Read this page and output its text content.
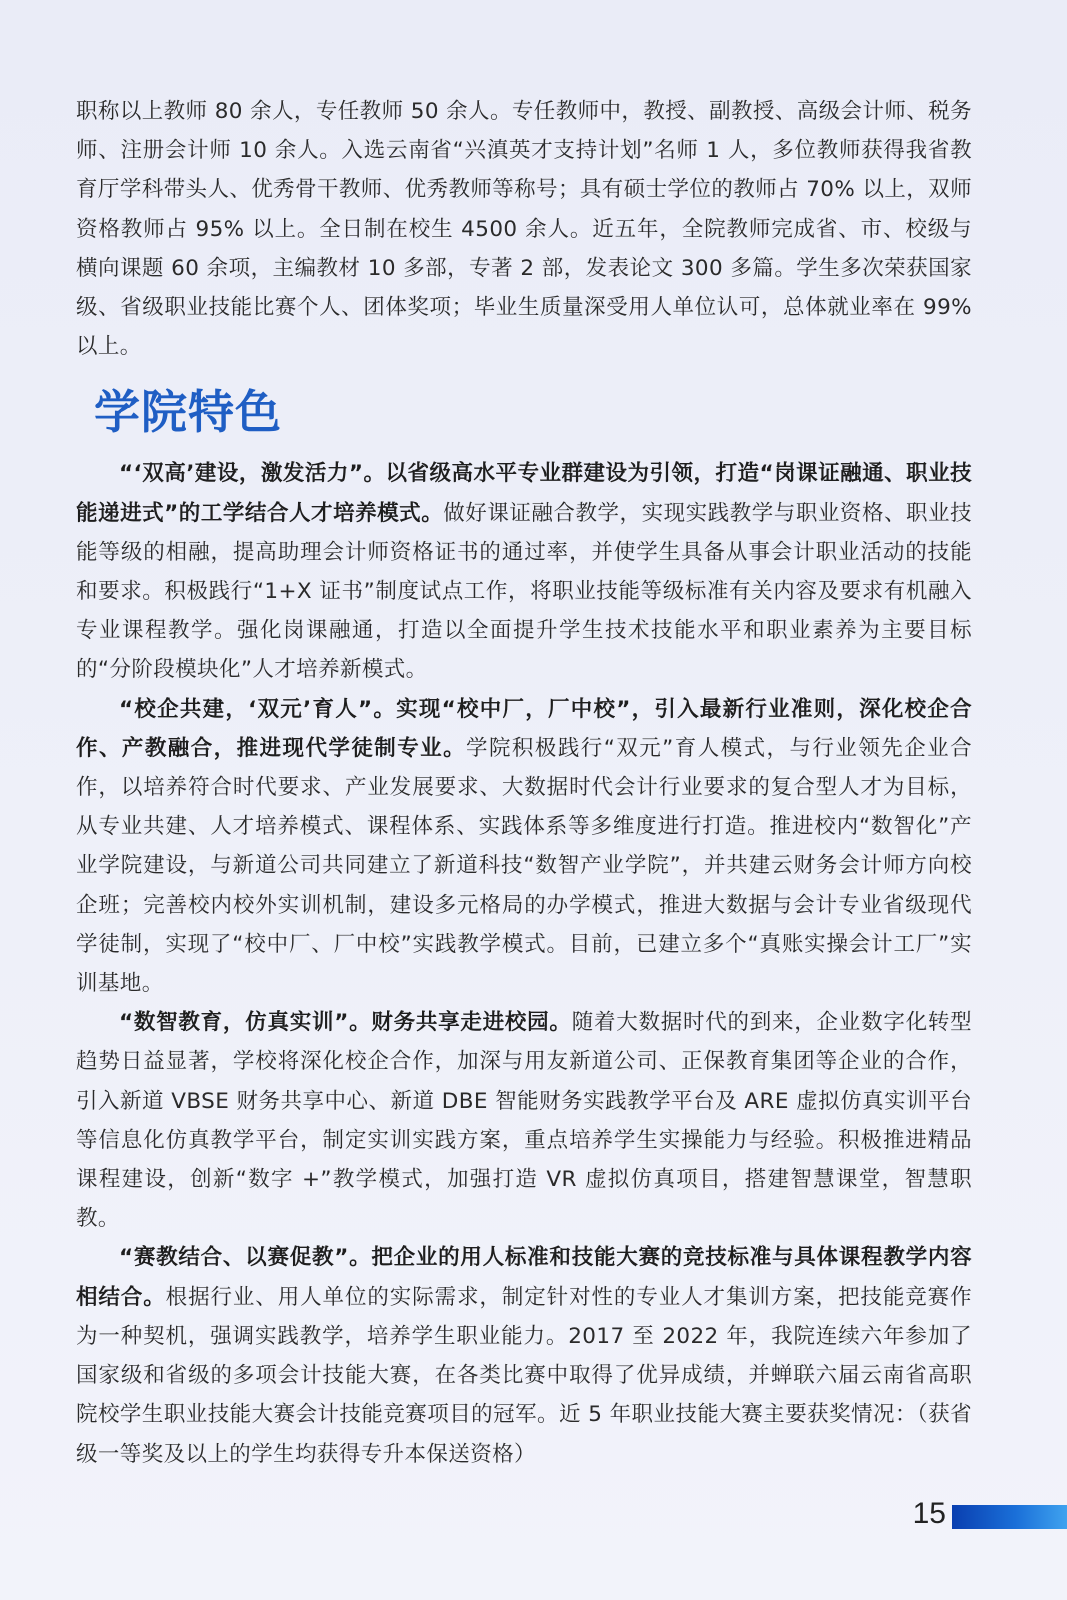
职称以上教师 80 余人，专任教师 50 余人。专任教师中，教授、副教授、高级会计师、税务师、注册会计师 10 余人。入选云南省“兴滇英才支持计划”名师 1 人，多位教师获得我省教育厅学科带头人、优秀骨干教师、优秀教师等称号；具有硕士学位的教师占 70% 以上，双师资格教师占 95% 以上。全日制在校生 4500 余人。近五年，全院教师完成省、市、校级与横向课题 60 余项，主编教材 10 多部，专著 2 部，发表论文 300 多篇。学生多次荣获国家级、省级职业技能比赛个人、团体奖项；毕业生质量深受用人单位认可，总体就业率在 99% 以上。

学院特色

“‘双高’建设，激发活力”。以省级高水平专业群建设为引领，打造“岗课证融通、职业技能递进式”的工学结合人才培养模式。做好课证融合教学，实现实践教学与职业资格、职业技能等级的相融，提高助理会计师资格证书的通过率，并使学生具备从事会计职业活动的技能和要求。积极践行“1+X 证书”制度试点工作，将职业技能等级标准有关内容及要求有机融入专业课程教学。强化岗课融通，打造以全面提升学生技术技能水平和职业素养为主要目标的“分阶段模块化”人才培养新模式。

“校企共建，‘双元’育人”。实现“校中厂，厂中校”，引入最新行业准则，深化校企合作、产教融合，推进现代学徒制专业。学院积极践行“双元”育人模式，与行业领先企业合作，以培养符合时代要求、产业发展要求、大数据时代会计行业要求的复合型人才为目标，从专业共建、人才培养模式、课程体系、实践体系等多维度进行打造。推进校内“数智化”产业学院建设，与新道公司共同建立了新道科技“数智产业学院”，并共建云财务会计师方向校企班；完善校内校外实训机制，建设多元格局的办学模式，推进大数据与会计专业省级现代学徒制，实现了“校中厂、厂中校”实践教学模式。目前，已建立多个“真账实操会计工厂”实训基地。

“数智教育，仿真实训”。财务共享走进校园。随着大数据时代的到来，企业数字化转型趋势日益显著，学校将深化校企合作，加深与用友新道公司、正保教育集团等企业的合作，引入新道 VBSE 财务共享中心、新道 DBE 智能财务实践教学平台及 ARE 虚拟仿真实训平台等信息化仿真教学平台，制定实训实践方案，重点培养学生实操能力与经验。积极推进精品课程建设，创新“数字 +”教学模式，加强打造 VR 虚拟仿真项目，搭建智慧课堂，智慧职教。

“赛教结合、以赛促教”。把企业的用人标准和技能大赛的竞技标准与具体课程教学内容相结合。根据行业、用人单位的实际需求，制定针对性的专业人才集训方案，把技能竞赛作为一种契机，强调实践教学，培养学生职业能力。2017 至 2022 年，我院连续六年参加了国家级和省级的多项会计技能大赛，在各类比赛中取得了优异成绩，并蝉联六届云南省高职院校学生职业技能大赛会计技能竞赛项目的冠军。近 5 年职业技能大赛主要获奖情况：（获省级一等奖及以上的学生均获得专升本保送资格）

15
